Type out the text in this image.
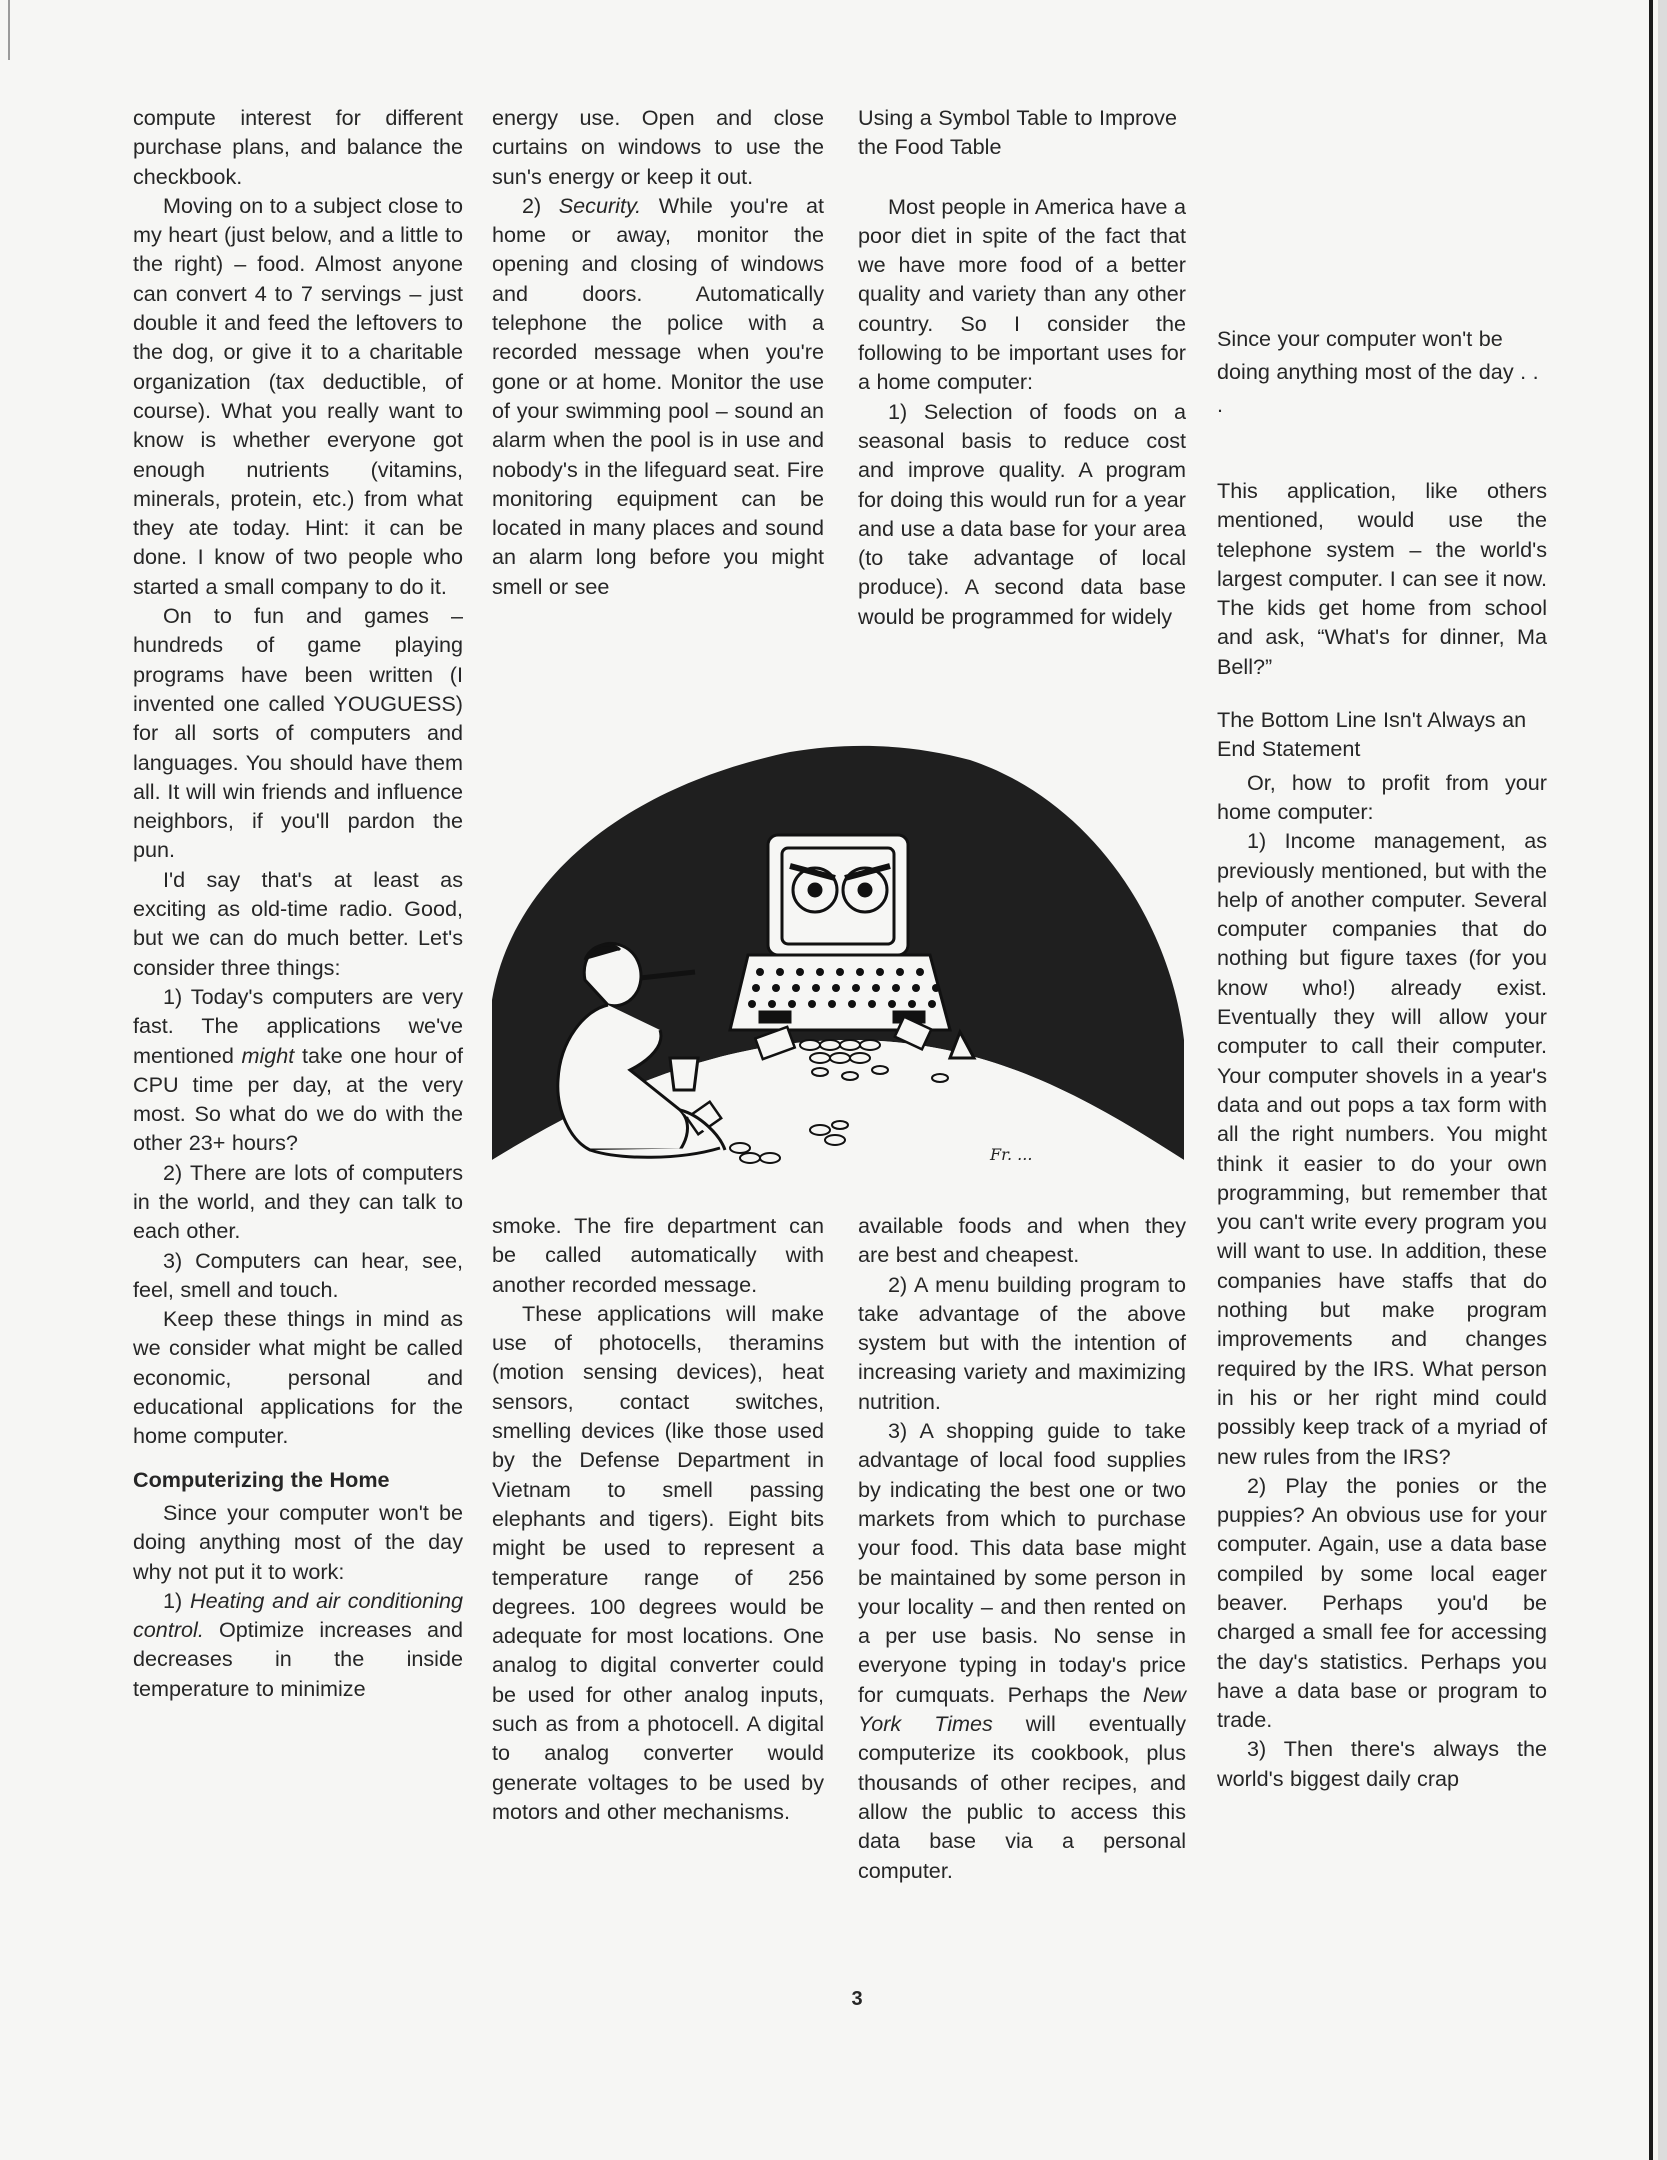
compute interest for different purchase plans, and balance the checkbook.

Moving on to a subject close to my heart (just below, and a little to the right) – food. Almost anyone can convert 4 to 7 servings – just double it and feed the leftovers to the dog, or give it to a charitable organization (tax deductible, of course). What you really want to know is whether everyone got enough nutrients (vitamins, minerals, protein, etc.) from what they ate today. Hint: it can be done. I know of two people who started a small company to do it.

On to fun and games – hundreds of game playing programs have been written (I invented one called YOUGUESS) for all sorts of computers and languages. You should have them all. It will win friends and influence neighbors, if you'll pardon the pun.

I'd say that's at least as exciting as old-time radio. Good, but we can do much better. Let's consider three things:

1) Today's computers are very fast. The applications we've mentioned might take one hour of CPU time per day, at the very most. So what do we do with the other 23+ hours?

2) There are lots of computers in the world, and they can talk to each other.

3) Computers can hear, see, feel, smell and touch.

Keep these things in mind as we consider what might be called economic, personal and educational applications for the home computer.

Computerizing the Home

Since your computer won't be doing anything most of the day why not put it to work:

1) Heating and air conditioning control. Optimize increases and decreases in the inside temperature to minimize

energy use. Open and close curtains on windows to use the sun's energy or keep it out.

2) Security. While you're at home or away, monitor the opening and closing of windows and doors. Automatically telephone the police with a recorded message when you're gone or at home. Monitor the use of your swimming pool – sound an alarm when the pool is in use and nobody's in the lifeguard seat. Fire monitoring equipment can be located in many places and sound an alarm long before you might smell or see

Using a Symbol Table to Improve the Food Table

Most people in America have a poor diet in spite of the fact that we have more food of a better quality and variety than any other country. So I consider the following to be important uses for a home computer:

1) Selection of foods on a seasonal basis to reduce cost and improve quality. A program for doing this would run for a year and use a data base for your area (to take advantage of local produce). A second data base would be programmed for widely

Fr. ...

smoke. The fire department can be called automatically with another recorded message.

These applications will make use of photocells, theramins (motion sensing devices), heat sensors, contact switches, smelling devices (like those used by the Defense Department in Vietnam to smell passing elephants and tigers). Eight bits might be used to represent a temperature range of 256 degrees. 100 degrees would be adequate for most locations. One analog to digital converter could be used for other analog inputs, such as from a photocell. A digital to analog converter would generate voltages to be used by motors and other mechanisms.

available foods and when they are best and cheapest.

2) A menu building program to take advantage of the above system but with the intention of increasing variety and maximizing nutrition.

3) A shopping guide to take advantage of local food supplies by indicating the best one or two markets from which to purchase your food. This data base might be maintained by some person in your locality – and then rented on a per use basis. No sense in everyone typing in today's price for cumquats. Perhaps the New York Times will eventually computerize its cookbook, plus thousands of other recipes, and allow the public to access this data base via a personal computer.

Since your computer won't be doing anything most of the day . . .

This application, like others mentioned, would use the telephone system – the world's largest computer. I can see it now. The kids get home from school and ask, “What's for dinner, Ma Bell?”

The Bottom Line Isn't Always an End Statement

Or, how to profit from your home computer:

1) Income management, as previously mentioned, but with the help of another computer. Several computer companies that do nothing but figure taxes (for you know who!) already exist. Eventually they will allow your computer to call their computer. Your computer shovels in a year's data and out pops a tax form with all the right numbers. You might think it easier to do your own programming, but remember that you can't write every program you will want to use. In addition, these companies have staffs that do nothing but make program improvements and changes required by the IRS. What person in his or her right mind could possibly keep track of a myriad of new rules from the IRS?

2) Play the ponies or the puppies? An obvious use for your computer. Again, use a data base compiled by some local eager beaver. Perhaps you'd be charged a small fee for accessing the day's statistics. Perhaps you have a data base or program to trade.

3) Then there's always the world's biggest daily crap

3
